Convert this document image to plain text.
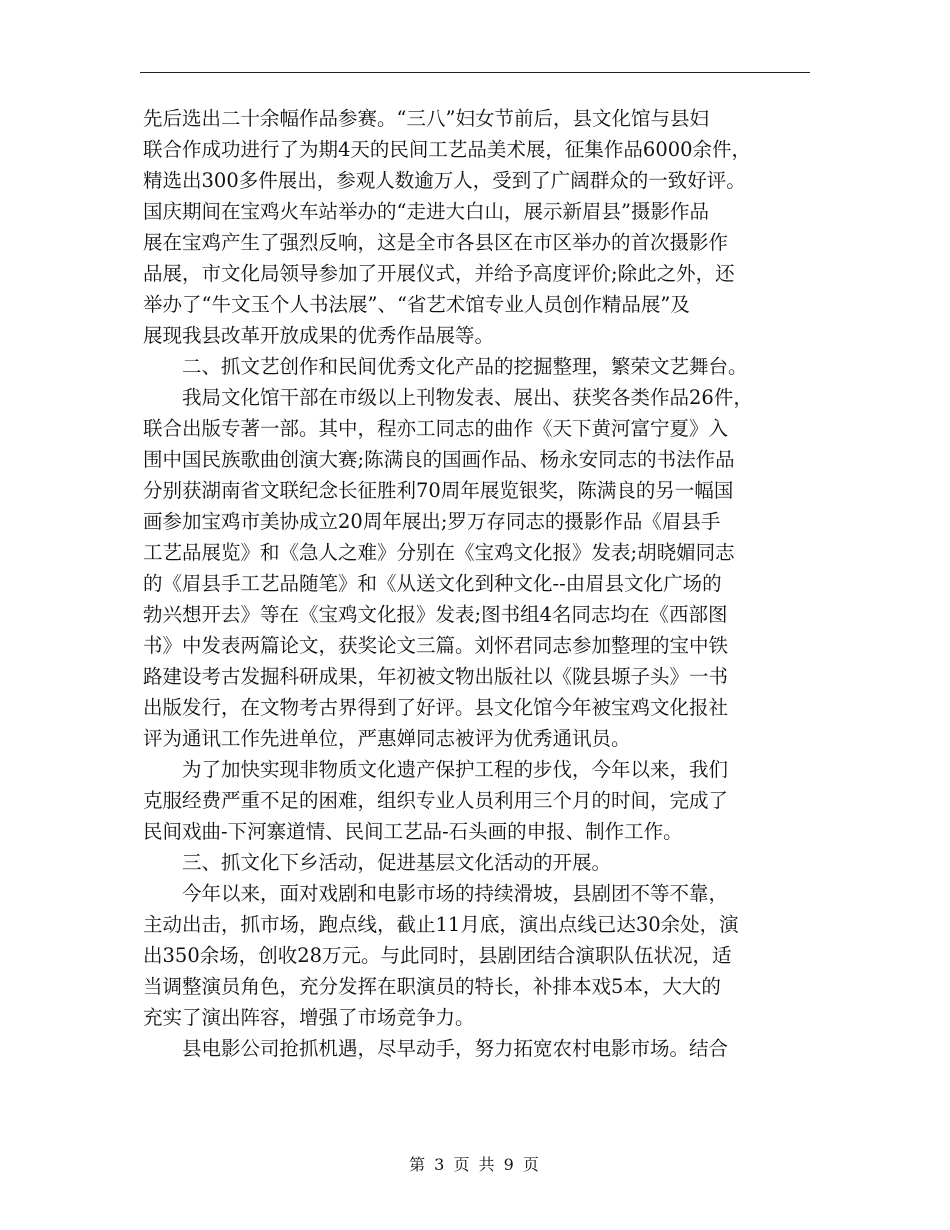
先后选出二十余幅作品参赛。“三八”妇女节前后，县文化馆与县妇
联合作成功进行了为期4天的民间工艺品美术展，征集作品6000余件，
精选出300多件展出，参观人数逾万人，受到了广阔群众的一致好评。
国庆期间在宝鸡火车站举办的“走进大白山，展示新眉县”摄影作品
展在宝鸡产生了强烈反响，这是全市各县区在市区举办的首次摄影作
品展，市文化局领导参加了开展仪式，并给予高度评价;除此之外，还
举办了“牛文玉个人书法展”、“省艺术馆专业人员创作精品展”及
展现我县改革开放成果的优秀作品展等。
二、抓文艺创作和民间优秀文化产品的挖掘整理，繁荣文艺舞台。
我局文化馆干部在市级以上刊物发表、展出、获奖各类作品26件，
联合出版专著一部。其中，程亦工同志的曲作《天下黄河富宁夏》入
围中国民族歌曲创演大赛;陈满良的国画作品、杨永安同志的书法作品
分别获湖南省文联纪念长征胜利70周年展览银奖，陈满良的另一幅国
画参加宝鸡市美协成立20周年展出;罗万存同志的摄影作品《眉县手
工艺品展览》和《急人之难》分别在《宝鸡文化报》发表;胡晓媚同志
的《眉县手工艺品随笔》和《从送文化到种文化--由眉县文化广场的
勃兴想开去》等在《宝鸡文化报》发表;图书组4名同志均在《西部图
书》中发表两篇论文，获奖论文三篇。刘怀君同志参加整理的宝中铁
路建设考古发掘科研成果，年初被文物出版社以《陇县塬子头》一书
出版发行，在文物考古界得到了好评。县文化馆今年被宝鸡文化报社
评为通讯工作先进单位，严惠婵同志被评为优秀通讯员。
为了加快实现非物质文化遗产保护工程的步伐，今年以来，我们
克服经费严重不足的困难，组织专业人员利用三个月的时间，完成了
民间戏曲-下河寨道情、民间工艺品-石头画的申报、制作工作。
三、抓文化下乡活动，促进基层文化活动的开展。
今年以来，面对戏剧和电影市场的持续滑坡，县剧团不等不靠，
主动出击，抓市场，跑点线，截止11月底，演出点线已达30余处，演
出350余场，创收28万元。与此同时，县剧团结合演职队伍状况，适
当调整演员角色，充分发挥在职演员的特长，补排本戏5本，大大的
充实了演出阵容，增强了市场竞争力。
县电影公司抢抓机遇，尽早动手，努力拓宽农村电影市场。结合
第 3 页 共 9 页
